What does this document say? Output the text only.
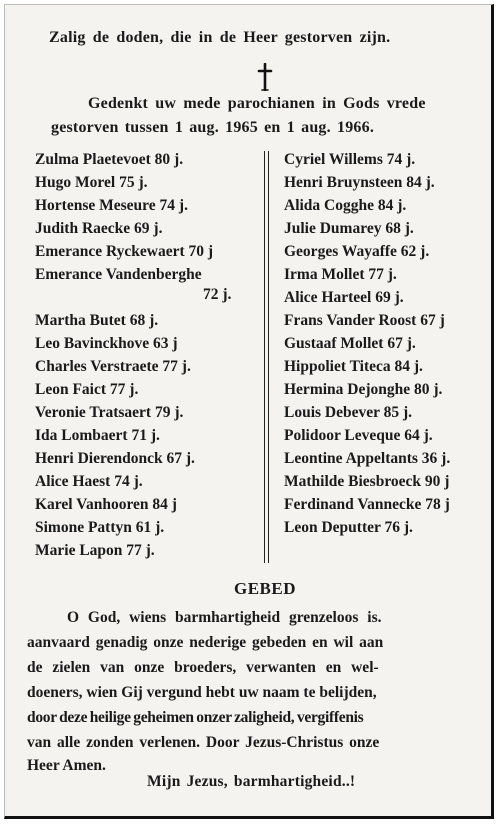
Zalig de doden, die in de Heer gestorven zijn.
Gedenkt uw mede parochianen in Gods vrede
gestorven tussen 1 aug. 1965 en 1 aug. 1966.
Zulma Plaetevoet 80 j.
Hugo Morel 75 j.
Hortense Meseure 74 j.
Judith Raecke 69 j.
Emerance Ryckewaert 70 j
Emerance Vandenberghe
72 j.
Martha Butet 68 j.
Leo Bavinckhove 63 j
Charles Verstraete 77 j.
Leon Faict 77 j.
Veronie Tratsaert 79 j.
Ida Lombaert 71 j.
Henri Dierendonck 67 j.
Alice Haest 74 j.
Karel Vanhooren 84 j
Simone Pattyn 61 j.
Marie Lapon 77 j.
Cyriel Willems 74 j.
Henri Bruynsteen 84 j.
Alida Cogghe 84 j.
Julie Dumarey 68 j.
Georges Wayaffe 62 j.
Irma Mollet 77 j.
Alice Harteel 69 j.
Frans Vander Roost 67 j
Gustaaf Mollet 67 j.
Hippoliet Titeca 84 j.
Hermina Dejonghe 80 j.
Louis Debever 85 j.
Polidoor Leveque 64 j.
Leontine Appeltants 36 j.
Mathilde Biesbroeck 90 j
Ferdinand Vannecke 78 j
Leon Deputter 76 j.
GEBED
O God, wiens barmhartigheid grenzeloos is.
aanvaard genadig onze nederige gebeden en wil aan
de zielen van onze broeders, verwanten en wel-
doeners, wien Gij vergund hebt uw naam te belijden,
door deze heilige geheimen onzer zaligheid, vergiffenis
van alle zonden verlenen. Door Jezus-Christus onze
Heer Amen.
Mijn Jezus, barmhartigheid..!
